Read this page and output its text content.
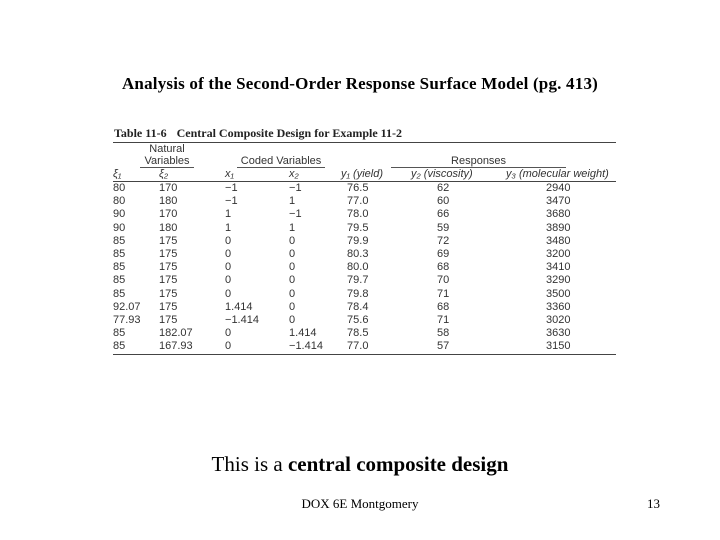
Analysis of the Second-Order Response Surface Model (pg. 413)
Table 11-6 Central Composite Design for Example 11-2
Natural
Variables		Coded Variables		Responses		
ξ₁	ξ₂	x₁	x₂	y₁ (yield)	y₂ (viscosity)	y₃ (molecular weight)
80	170	−1	−1	76.5	62	2940
80	180	−1	1	77.0	60	3470
90	170	1	−1	78.0	66	3680
90	180	1	1	79.5	59	3890
85	175	0	0	79.9	72	3480
85	175	0	0	80.3	69	3200
85	175	0	0	80.0	68	3410
85	175	0	0	79.7	70	3290
85	175	0	0	79.8	71	3500
92.07	175	1.414	0	78.4	68	3360
77.93	175	−1.414	0	75.6	71	3020
85	182.07	0	1.414	78.5	58	3630
85	167.93	0	−1.414	77.0	57	3150
This is a central composite design
DOX 6E Montgomery	13
